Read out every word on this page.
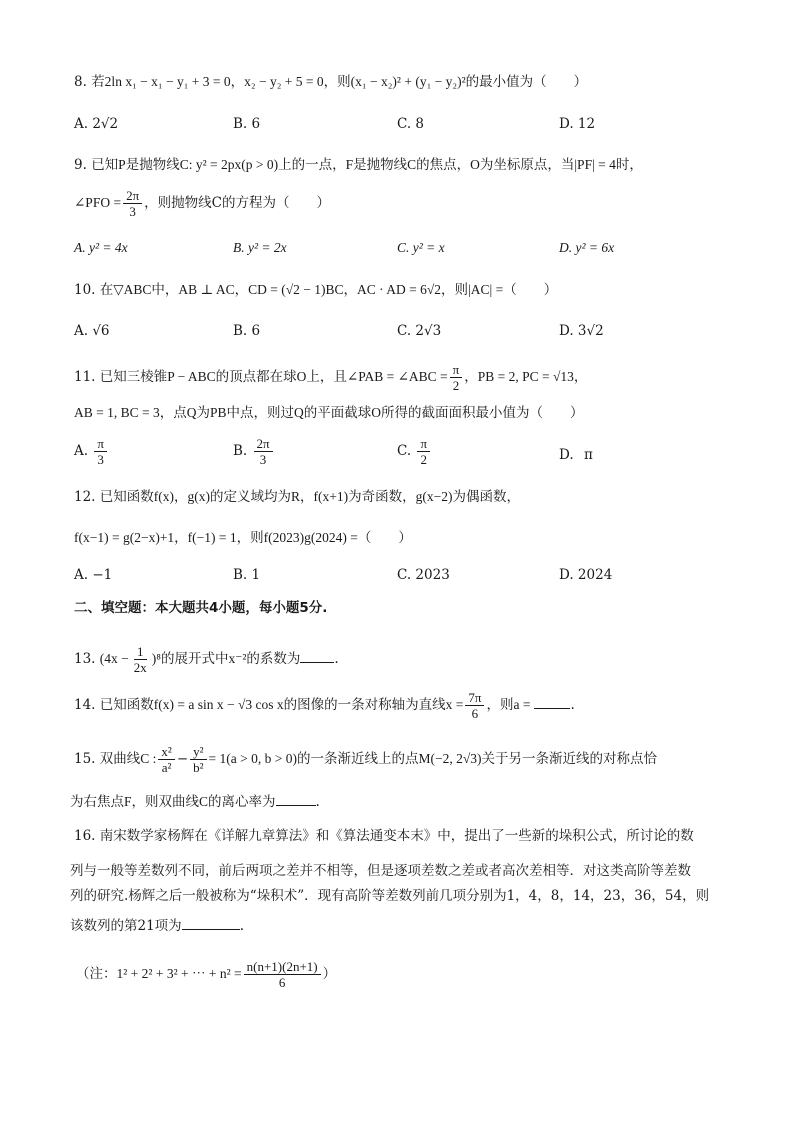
8. 若2ln x₁ − x₁ − y₁ + 3 = 0，x₂ − y₂ + 5 = 0，则(x₁ − x₂)² + (y₁ − y₂)²的最小值为（　　）
A. 2√2	B. 6	C. 8	D. 12
9. 已知P是抛物线C: y² = 2px(p > 0)上的一点，F是抛物线C的焦点，O为坐标原点，当|PF| = 4时，
∠PFO = $\frac{2\pi}{3}$ ，则抛物线C的方程为（　　）
A. y² = 4x	B. y² = 2x	C. y² = x	D. y² = 6x
10. 在▽ABC中，AB ⊥ AC，CD = (√2 − 1)BC，AC · AD = 6√2，则|AC| =（　　）
A. √6	B. 6	C. 2√3	D. 3√2
11. 已知三棱锥P − ABC的顶点都在球O上，且∠PAB = ∠ABC = $\frac{\pi}{2}$ ，PB = 2, PC = √13，
AB = 1, BC = 3，点Q为PB中点，则过Q的平面截球O所得的截面面积最小值为（　　）
A. $\frac{\pi}{3}$	B. $\frac{2\pi}{3}$	C. $\frac{\pi}{2}$	D. π
12. 已知函数f(x)，g(x)的定义域均为R，f(x+1)为奇函数，g(x−2)为偶函数，
f(x−1) = g(2−x)+1，f(−1) = 1，则f(2023)g(2024) =（　　）
A. −1	B. 1	C. 2023	D. 2024
二、填空题：本大题共4小题，每小题5分.
13. $(4x - \frac{1}{2x} )^8$的展开式中x⁻²的系数为	.
14. 已知函数f(x) = a sin x − √3 cos x的图像的一条对称轴为直线$x = \frac{7\pi}{6}$ ，则a =	.
15. 双曲线C : $\frac{\text{x²}}{\text{a²}} - \frac{\text{y²}}{\text{b²}} = 1(a > 0$, b > 0)的一条渐近线上的点M(−2, 2√3)关于另一条渐近线的对称点恰
为右焦点F，则双曲线C的离心率为	.
16. 南宋数学家杨辉在《详解九章算法》和《算法通变本末》中，提出了一些新的垛积公式，所讨论的数
列与一般等差数列不同，前后两项之差并不相等，但是逐项差数之差或者高次差相等．对这类高阶等差数
列的研究.杨辉之后一般被称为“垛积术”．现有高阶等差数列前几项分别为1，4，8，14，23，36，54，则
该数列的第21项为	.
（注：1² + 2² + 3² + ⋯ + $n^2 = \frac{n(n+1)(2n+1)}{6}$ ）
